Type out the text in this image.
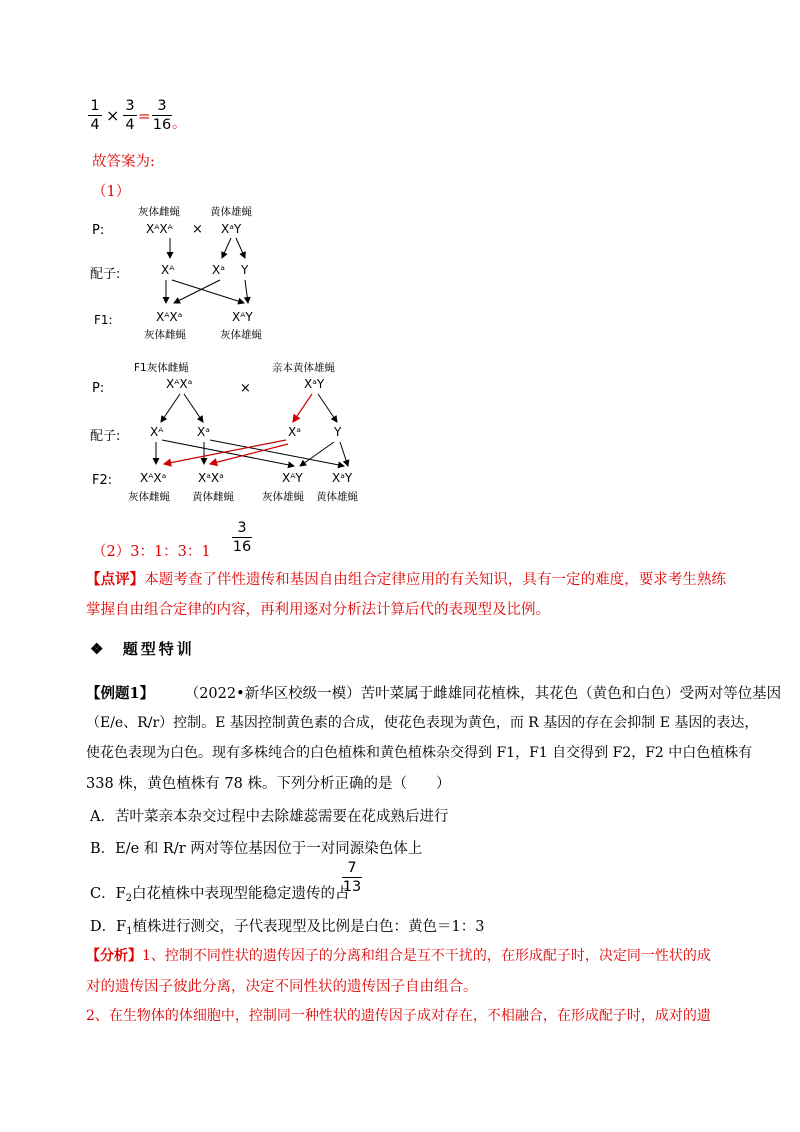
1
4 × 3
4 =
3
16 。
故答案为:
（1）
灰体雌蝇	黄体雄蝇
P:	XᴬXᴬ × XᵃY
配子:	Xᴬ	Xᵃ Y
F1:	XᴬXᵃ	XᴬY
灰体雌蝇	灰体雄蝇
F1灰体雌蝇	亲本黄体雄蝇
P:	XᴬXᵃ	×	XᵃY
配子: Xᴬ	Xᵃ	Xᵃ	Y
F2: XᴬXᵃ	XᵃXᵃ	XᴬY XᵃY
灰体雌蝇 黄体雌蝇	灰体雄蝇 黄体雄蝇
（2）3：1：3：1
3
16
【点评】本题考查了伴性遗传和基因自由组合定律应用的有关知识，具有一定的难度，要求考生熟练掌握自由组合定律的内容，再利用逐对分析法计算后代的表现型及比例。
❖ 题型特训
【例题1】 （2022•新华区校级一模）苦叶菜属于雌雄同花植株，其花色（黄色和白色）受两对等位基因
（E/e、R/r）控制。E 基因控制黄色素的合成，使花色表现为黄色，而 R 基因的存在会抑制 E 基因的表达，
使花色表现为白色。现有多株纯合的白色植株和黄色植株杂交得到 F1，F1 自交得到 F2，F2 中白色植株有
338 株，黄色植株有 78 株。下列分析正确的是（　　）
A．苦叶菜亲本杂交过程中去除雄蕊需要在花成熟后进行
B．E/e 和 R/r 两对等位基因位于一对同源染色体上
C．$F_2$白花植株中表现型能稳定遗传的占
7
13
D．$F_1$植株进行测交，子代表现型及比例是白色：黄色＝1：3
【分析】1、控制不同性状的遗传因子的分离和组合是互不干扰的，在形成配子时，决定同一性状的成
对的遗传因子彼此分离，决定不同性状的遗传因子自由组合。
2、在生物体的体细胞中，控制同一种性状的遗传因子成对存在，不相融合，在形成配子时，成对的遗
